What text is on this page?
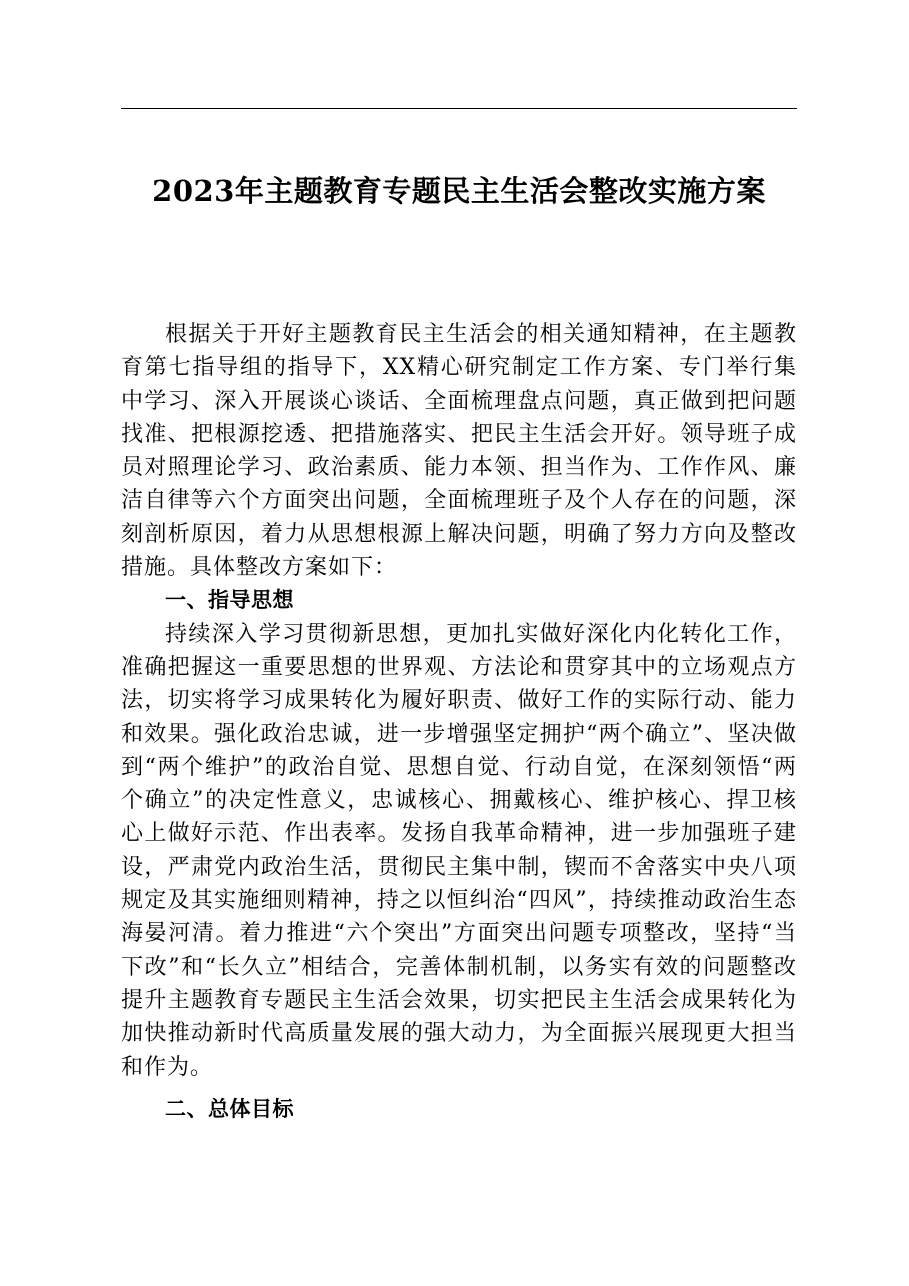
2023年主题教育专题民主生活会整改实施方案

根据关于开好主题教育民主生活会的相关通知精神，在主题教育第七指导组的指导下，XX精心研究制定工作方案、专门举行集中学习、深入开展谈心谈话、全面梳理盘点问题，真正做到把问题找准、把根源挖透、把措施落实、把民主生活会开好。领导班子成员对照理论学习、政治素质、能力本领、担当作为、工作作风、廉洁自律等六个方面突出问题，全面梳理班子及个人存在的问题，深刻剖析原因，着力从思想根源上解决问题，明确了努力方向及整改措施。具体整改方案如下：

一、指导思想

持续深入学习贯彻新思想，更加扎实做好深化内化转化工作，准确把握这一重要思想的世界观、方法论和贯穿其中的立场观点方法，切实将学习成果转化为履好职责、做好工作的实际行动、能力和效果。强化政治忠诚，进一步增强坚定拥护“两个确立”、坚决做到“两个维护”的政治自觉、思想自觉、行动自觉，在深刻领悟“两个确立”的决定性意义，忠诚核心、拥戴核心、维护核心、捍卫核心上做好示范、作出表率。发扬自我革命精神，进一步加强班子建设，严肃党内政治生活，贯彻民主集中制，锲而不舍落实中央八项规定及其实施细则精神，持之以恒纠治“四风”，持续推动政治生态海晏河清。着力推进“六个突出”方面突出问题专项整改，坚持“当下改”和“长久立”相结合，完善体制机制，以务实有效的问题整改提升主题教育专题民主生活会效果，切实把民主生活会成果转化为加快推动新时代高质量发展的强大动力，为全面振兴展现更大担当和作为。

二、总体目标
